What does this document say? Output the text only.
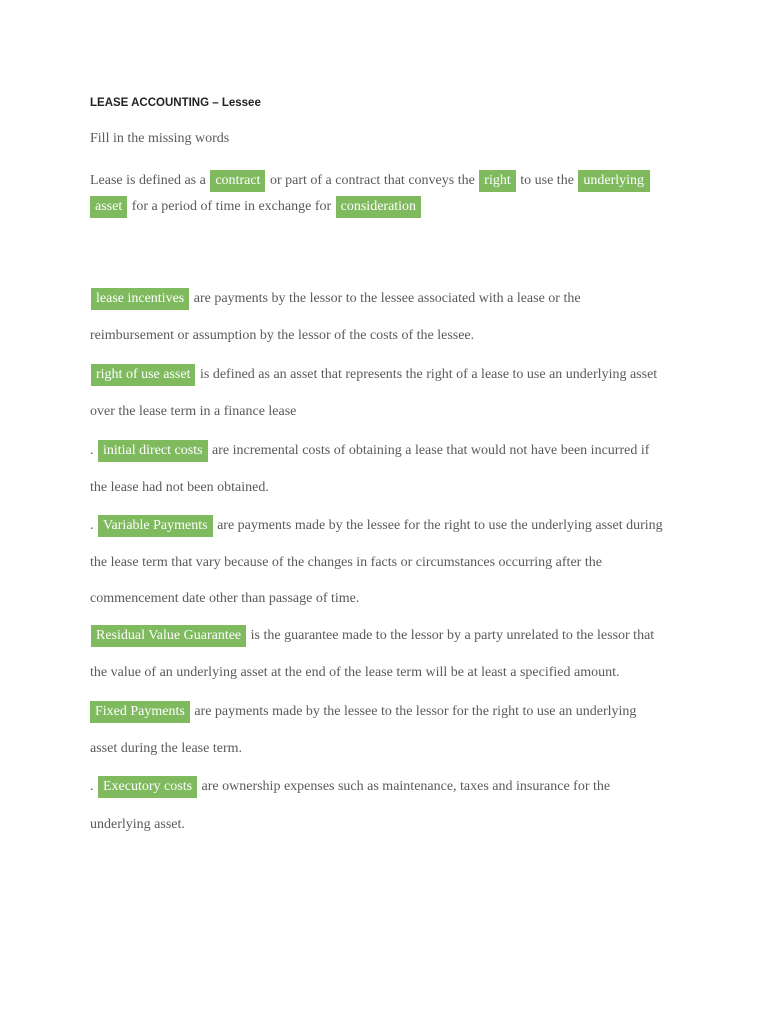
LEASE ACCOUNTING – Lessee
Fill in the missing words
Lease is defined as a contract or part of a contract that conveys the right to use the underlying
asset for a period of time in exchange for consideration
lease incentives are payments by the lessor to the lessee associated with a lease or the
reimbursement or assumption by the lessor of the costs of the lessee.
right of use asset is defined as an asset that represents the right of a lease to use an underlying asset
over the lease term in a finance lease
. initial direct costs are incremental costs of obtaining a lease that would not have been incurred if
the lease had not been obtained.
. Variable Payments are payments made by the lessee for the right to use the underlying asset during
the lease term that vary because of the changes in facts or circumstances occurring after the
commencement date other than passage of time.
Residual Value Guarantee is the guarantee made to the lessor by a party unrelated to the lessor that
the value of an underlying asset at the end of the lease term will be at least a specified amount.
Fixed Payments are payments made by the lessee to the lessor for the right to use an underlying
asset during the lease term.
. Executory costs are ownership expenses such as maintenance, taxes and insurance for the
underlying asset.
